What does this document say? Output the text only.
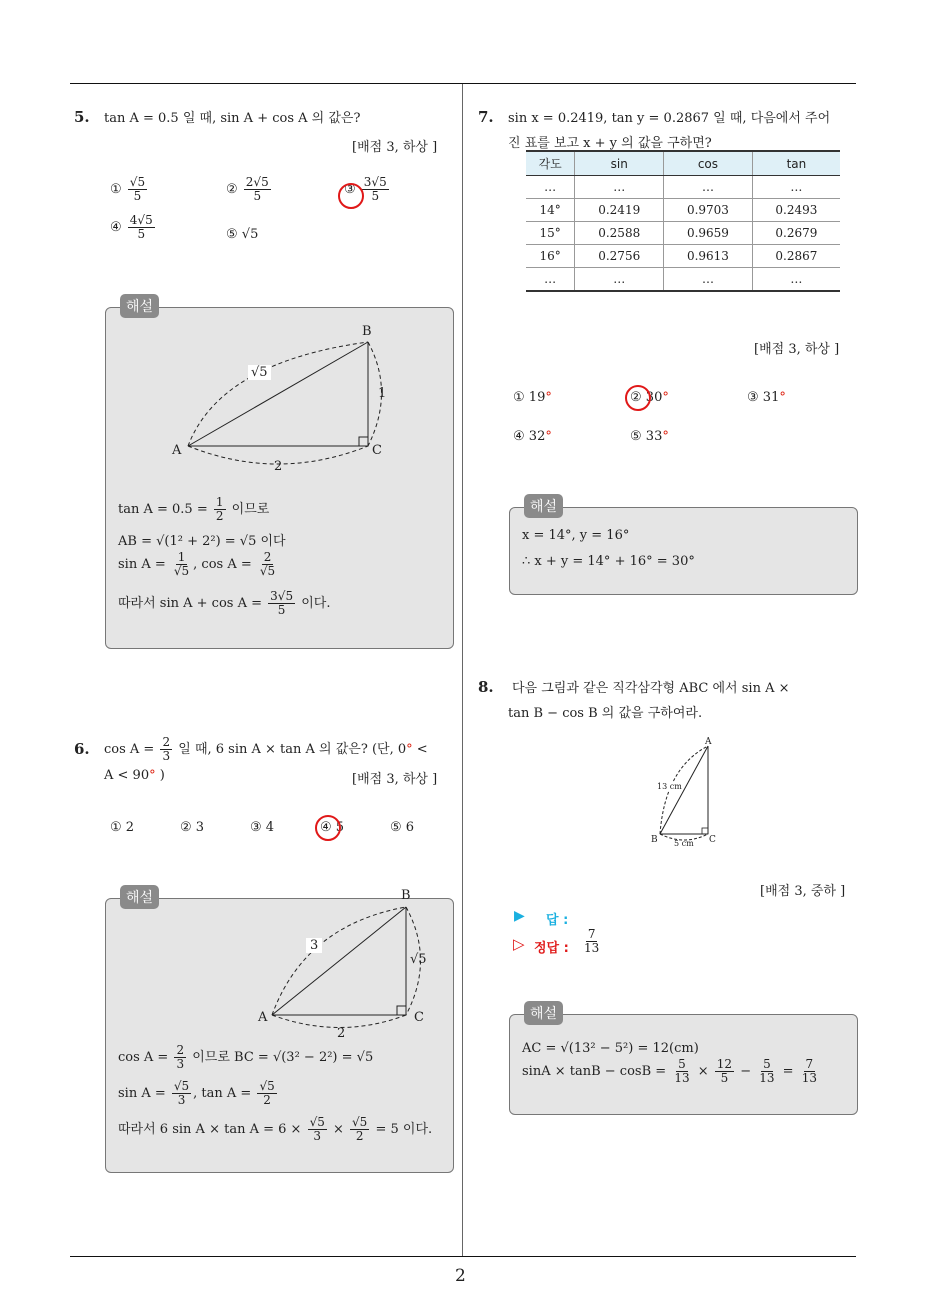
2
5. tan A = 0.5 일 때, sin A + cos A 의 값은?
[배점 3, 하상 ]
① $\frac{√5}{5}$	② $\frac{2√5}{5}$	③ $\frac{3√5}{5}$
④ $\frac{4√5}{5}$	⑤ √5
해설
B
A	C
√5
1
2
$\tan A = 0.5 = \frac{1}{2}$ 이므로
AB = √(1² + 2²) = √5 이다
$\sin A = \frac{1}{√5}$ , $\cos A = \frac{2}{√5}$
따라서 $\sin A + \cos A = \frac{3√5}{5}$ 이다.
6. $\cos A = \frac{2}{3}$ 일 때, 6 sin A × tan A 의 값은? (단, 0° <
A < 90° )	[배점 3, 하상 ]
① 2	② 3	③ 4	④ 5	⑤ 6
해설	B
A	C
3
√5
2
$\cos A = \frac{2}{3}$ 이므로 BC = √(3² − 2²) = √5
$\sin A = \frac{√5}{3}$ , $\tan A = \frac{√5}{2}$
따라서 6 $\sin A \times \tan A = 6 \times \frac{√5}{3} \times \frac{√5}{2} = 5$ 이다.
7. sin x = 0.2419, tan y = 0.2867 일 때, 다음에서 주어
진 표를 보고 x + y 의 값을 구하면?
각도	sin	cos	tan
…	…	…	…
14°	0.2419	0.9703	0.2493
15°	0.2588	0.9659	0.2679
16°	0.2756	0.9613	0.2867
…	…	…	…
[배점 3, 하상 ]
① 19°	② 30°	③ 31°
④ 32°	⑤ 33°
해설
x = 14°, y = 16°
∴ x + y = 14° + 16° = 30°
8. 다음 그림과 같은 직각삼각형 ABC 에서 sin A ×
tan B − cos B 의 값을 구하여라.
A
B	C
13 cm
5 cm
[배점 3, 중하 ]
▶ 답 :
▷ 정답 : $\frac{7}{13}$
해설
AC = √(13² − 5²) = 12(cm)
$\sin A \times \tan B - \cos B = \frac{5}{13} \times \frac{12}{5} - \frac{5}{13} = \frac{7}{13}$
